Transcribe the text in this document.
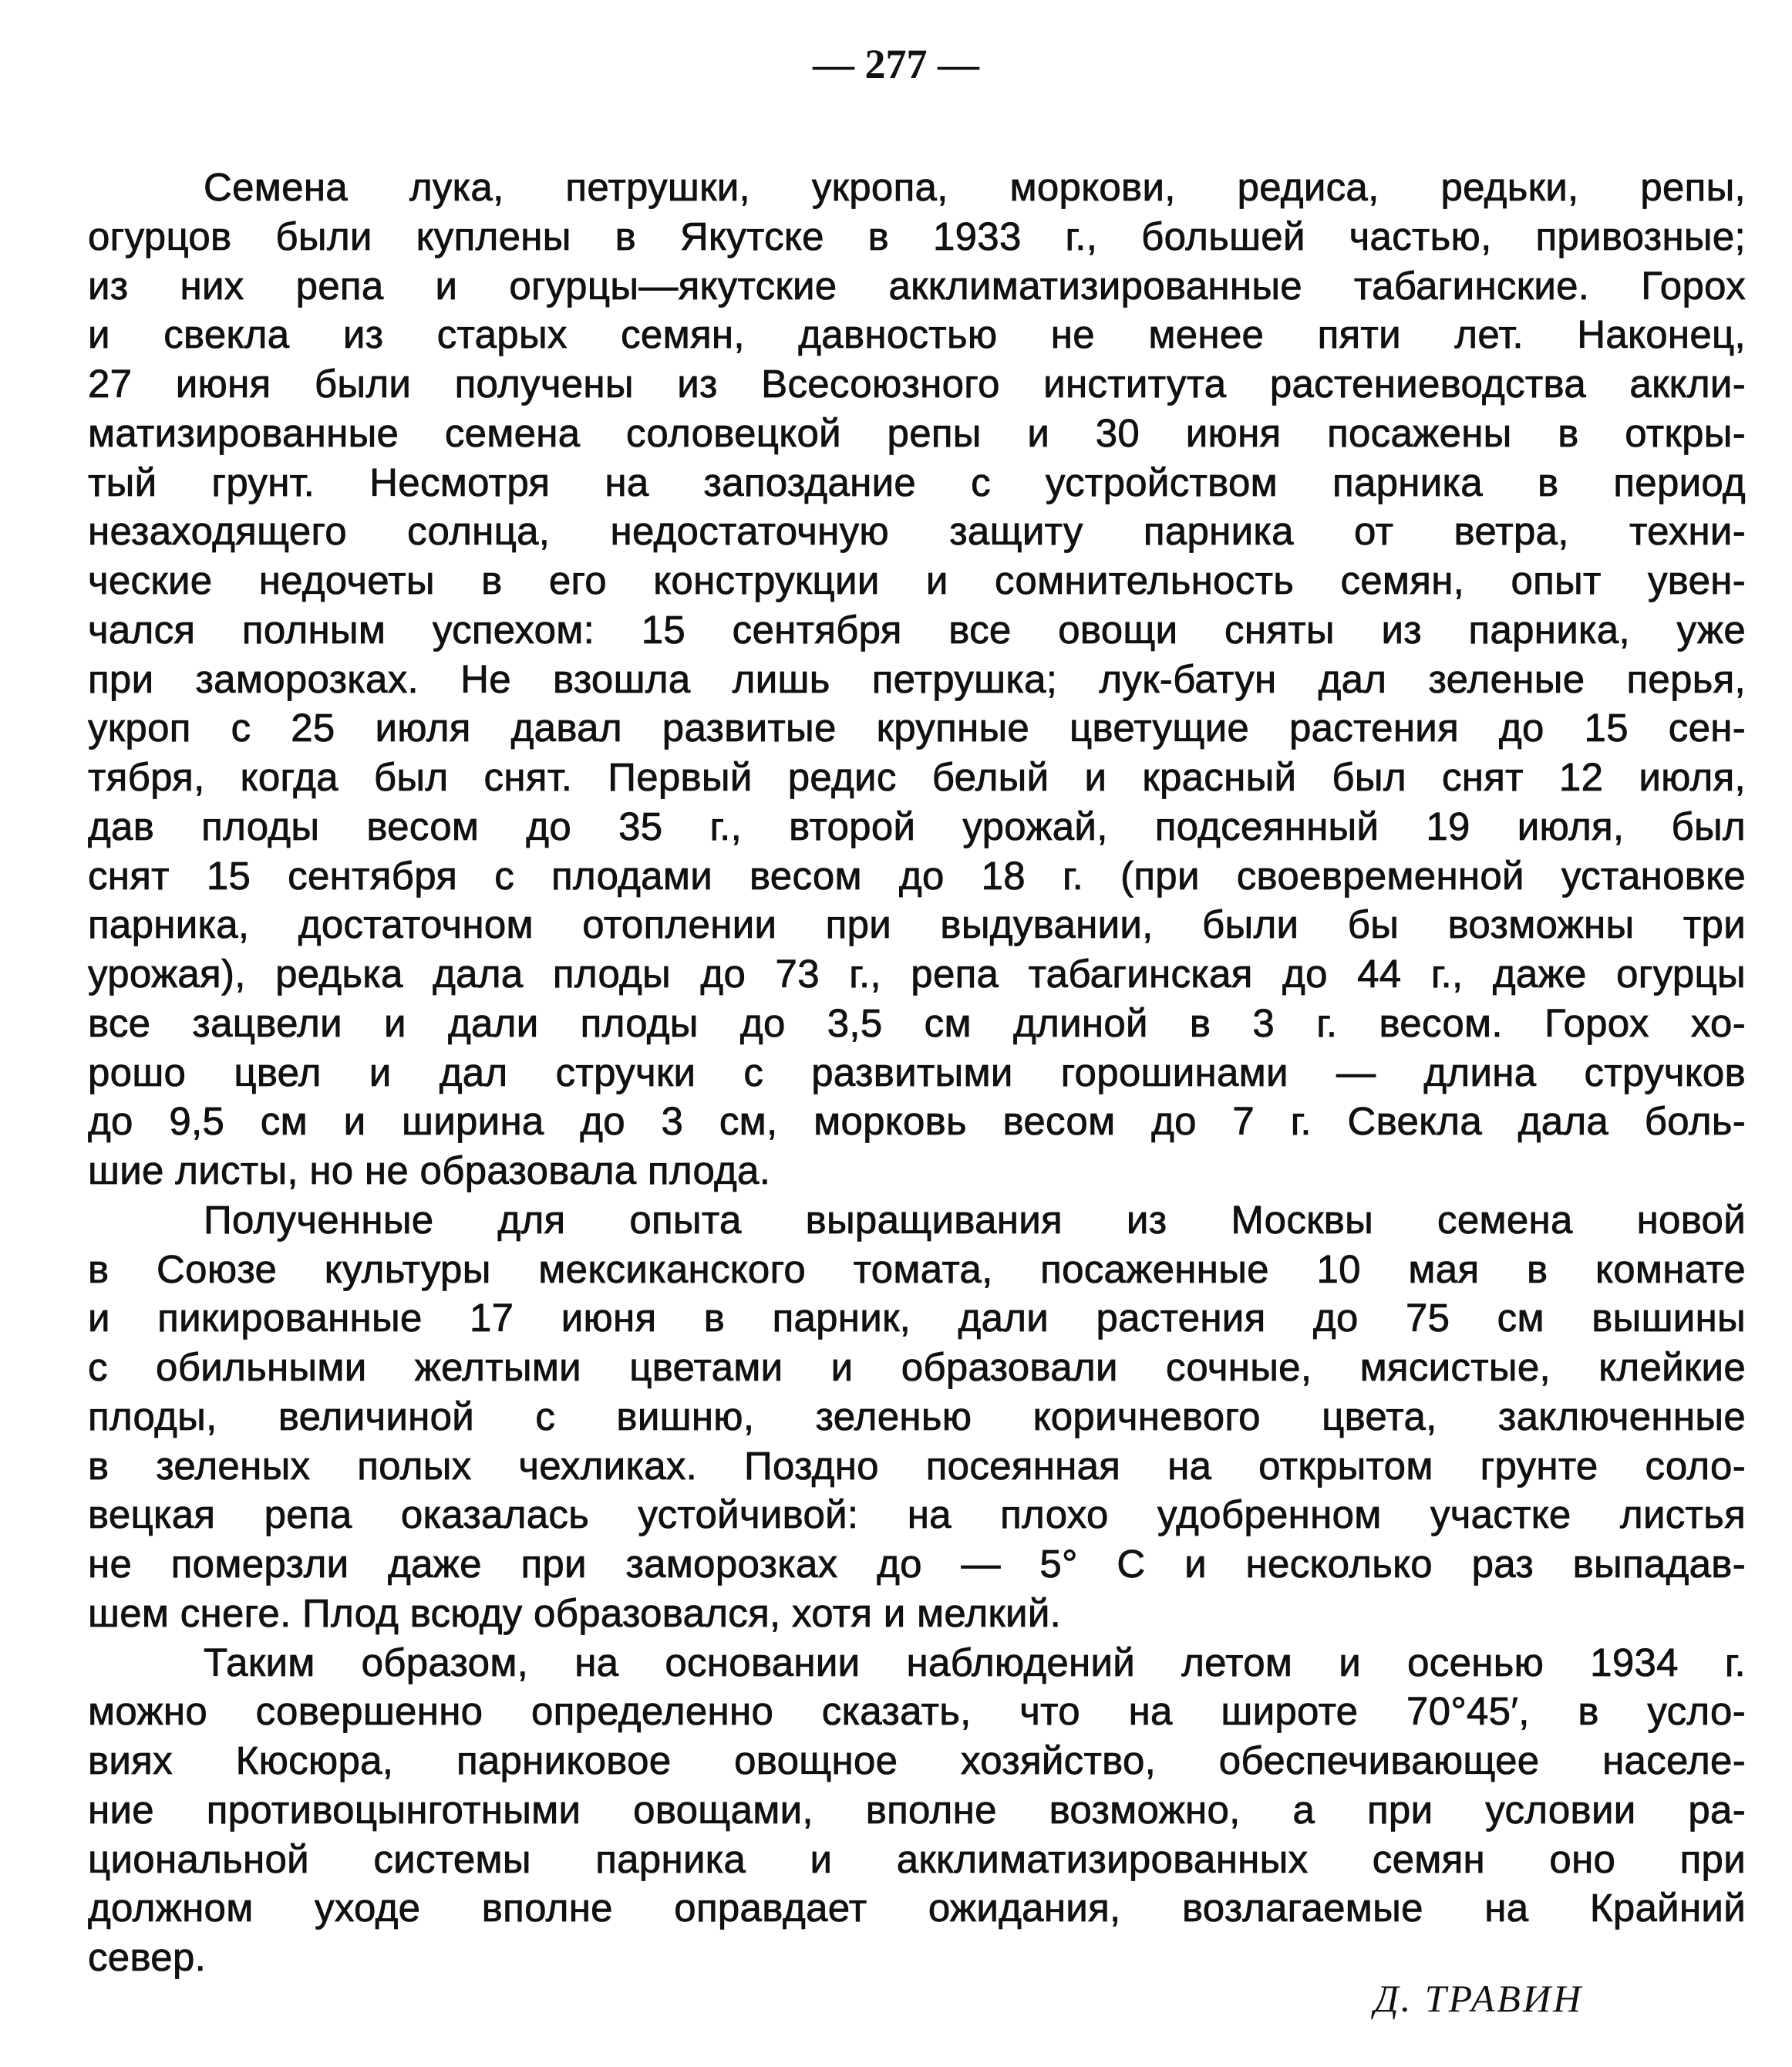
— 277 —
Семена лука, петрушки, укропа, моркови, редиса, редьки, репы,
огурцов были куплены в Якутске в 1933 г., большей частью, привозные;
из них репа и огурцы—якутские акклиматизированные табагинские. Горох
и свекла из старых семян, давностью не менее пяти лет. Наконец,
27 июня были получены из Всесоюзного института растениеводства аккли-
матизированные семена соловецкой репы и 30 июня посажены в откры-
тый грунт. Несмотря на запоздание с устройством парника в период
незаходящего солнца, недостаточную защиту парника от ветра, техни-
ческие недочеты в его конструкции и сомнительность семян, опыт увен-
чался полным успехом: 15 сентября все овощи сняты из парника, уже
при заморозках. Не взошла лишь петрушка; лук-батун дал зеленые перья,
укроп с 25 июля давал развитые крупные цветущие растения до 15 сен-
тября, когда был снят. Первый редис белый и красный был снят 12 июля,
дав плоды весом до 35 г., второй урожай, подсеянный 19 июля, был
снят 15 сентября с плодами весом до 18 г. (при своевременной установке
парника, достаточном отоплении при выдувании, были бы возможны три
урожая), редька дала плоды до 73 г., репа табагинская до 44 г., даже огурцы
все зацвели и дали плоды до 3,5 см длиной в 3 г. весом. Горох хо-
рошо цвел и дал стручки с развитыми горошинами — длина стручков
до 9,5 см и ширина до 3 см, морковь весом до 7 г. Свекла дала боль-
шие листы, но не образовала плода.
Полученные для опыта выращивания из Москвы семена новой
в Союзе культуры мексиканского томата, посаженные 10 мая в комнате
и пикированные 17 июня в парник, дали растения до 75 см вышины
с обильными желтыми цветами и образовали сочные, мясистые, клейкие
плоды, величиной с вишню, зеленью коричневого цвета, заключенные
в зеленых полых чехликах. Поздно посеянная на открытом грунте соло-
вецкая репа оказалась устойчивой: на плохо удобренном участке листья
не померзли даже при заморозках до — 5° С и несколько раз выпадав-
шем снеге. Плод всюду образовался, хотя и мелкий.
Таким образом, на основании наблюдений летом и осенью 1934 г.
можно совершенно определенно сказать, что на широте 70°45′, в усло-
виях Кюсюра, парниковое овощное хозяйство, обеспечивающее населе-
ние противоцынготными овощами, вполне возможно, а при условии ра-
циональной системы парника и акклиматизированных семян оно при
должном уходе вполне оправдает ожидания, возлагаемые на Крайний
север.
Д. ТРАВИН
